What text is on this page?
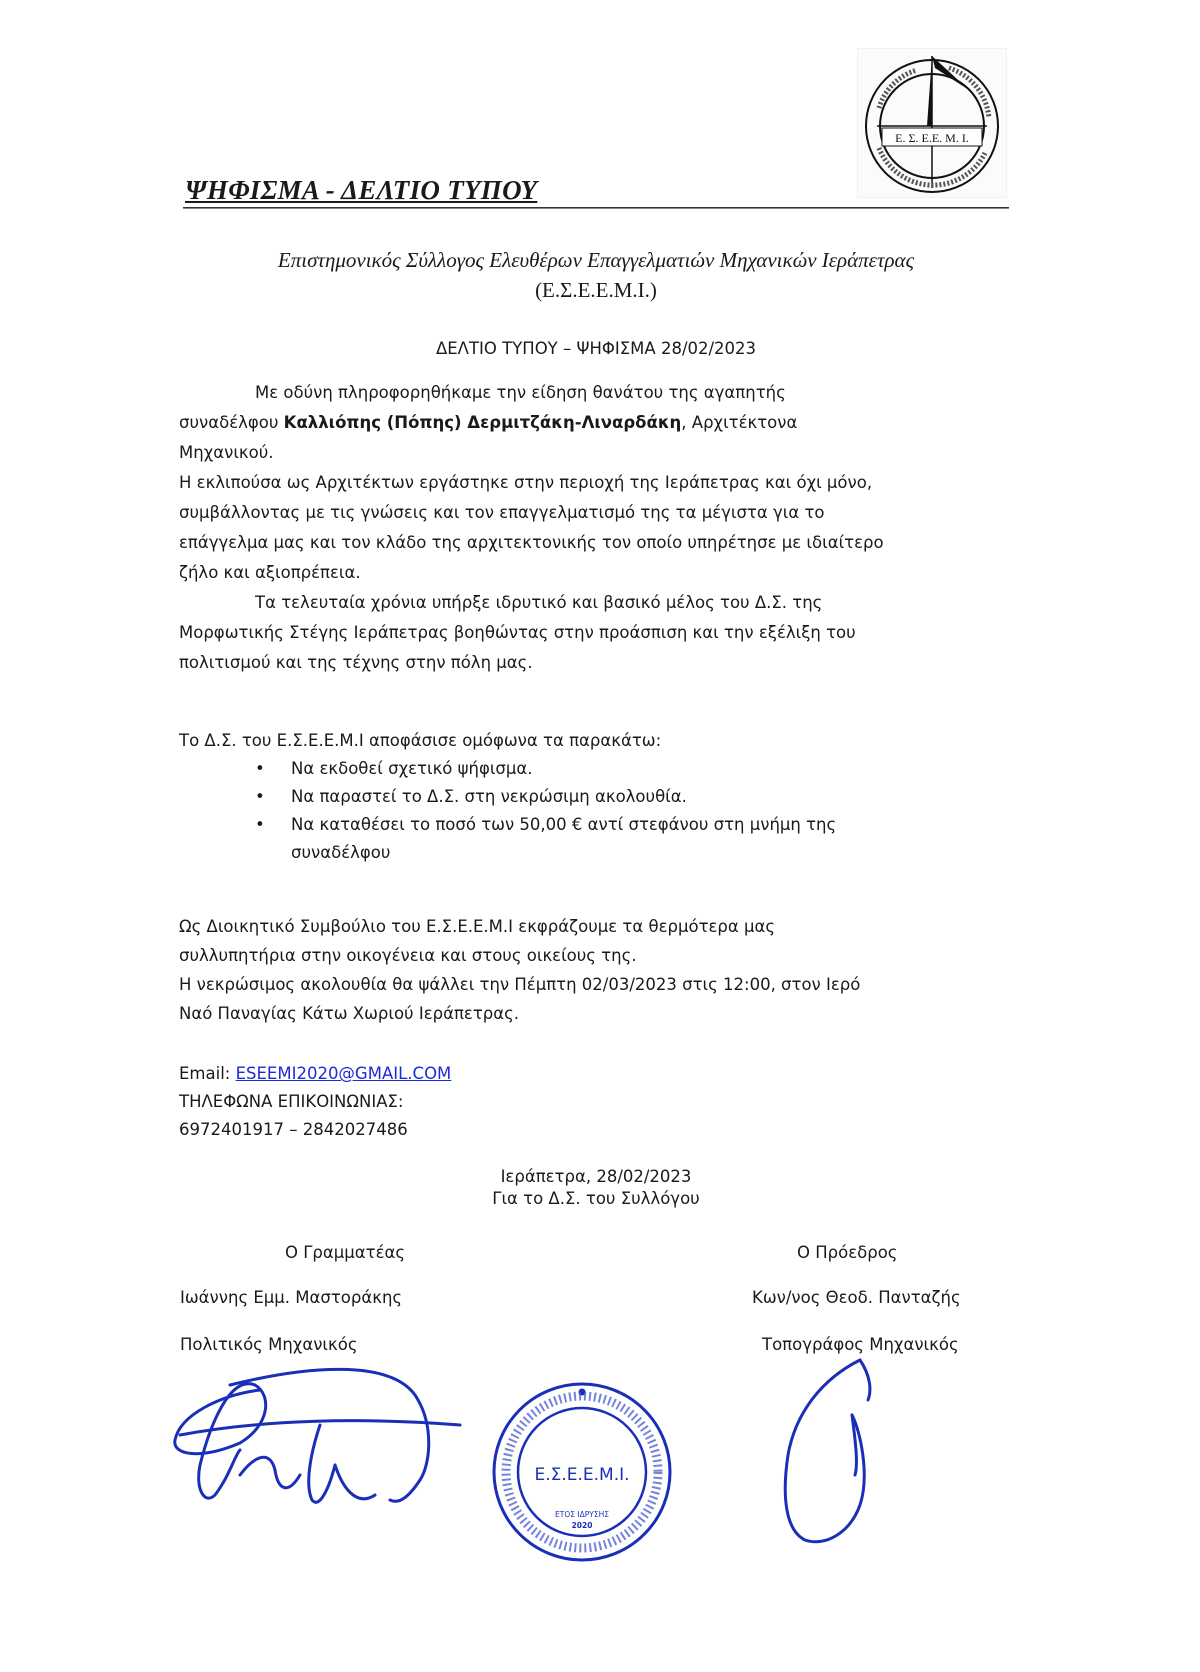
Ε. Σ. Ε.Ε. Μ. Ι.
ΨΗΦΙΣΜΑ - ΔΕΛΤΙΟ ΤΥΠΟΥ
Επιστημονικός Σύλλογος Ελευθέρων Επαγγελματιών Μηχανικών Ιεράπετρας
(Ε.Σ.Ε.Ε.Μ.Ι.)
ΔΕΛΤΙΟ ΤΥΠΟΥ – ΨΗΦΙΣΜΑ 28/02/2023
Με οδύνη πληροφορηθήκαμε την είδηση θανάτου της αγαπητής
συναδέλφου Καλλιόπης (Πόπης) Δερμιτζάκη-Λιναρδάκη, Αρχιτέκτονα
Μηχανικού.
Η εκλιπούσα ως Αρχιτέκτων εργάστηκε στην περιοχή της Ιεράπετρας και όχι μόνο,
συμβάλλοντας με τις γνώσεις και τον επαγγελματισμό της τα μέγιστα για το
επάγγελμα μας και τον κλάδο της αρχιτεκτονικής τον οποίο υπηρέτησε με ιδιαίτερο
ζήλο και αξιοπρέπεια.
Τα τελευταία χρόνια υπήρξε ιδρυτικό και βασικό μέλος του Δ.Σ. της
Μορφωτικής Στέγης Ιεράπετρας βοηθώντας στην προάσπιση και την εξέλιξη του
πολιτισμού και της τέχνης στην πόλη μας.
Το Δ.Σ. του Ε.Σ.Ε.Ε.Μ.Ι αποφάσισε ομόφωνα τα παρακάτω:
• Να εκδοθεί σχετικό ψήφισμα.
• Να παραστεί το Δ.Σ. στη νεκρώσιμη ακολουθία.
• Να καταθέσει το ποσό των 50,00 € αντί στεφάνου στη μνήμη της
συναδέλφου
Ως Διοικητικό Συμβούλιο του Ε.Σ.Ε.Ε.Μ.Ι εκφράζουμε τα θερμότερα μας
συλλυπητήρια στην οικογένεια και στους οικείους της.
Η νεκρώσιμος ακολουθία θα ψάλλει την Πέμπτη 02/03/2023 στις 12:00, στον Ιερό
Ναό Παναγίας Κάτω Χωριού Ιεράπετρας.
Email: ESEEMI2020@GMAIL.COM
ΤΗΛΕΦΩΝΑ ΕΠΙΚΟΙΝΩΝΙΑΣ:
6972401917 – 2842027486
Ιεράπετρα, 28/02/2023
Για το Δ.Σ. του Συλλόγου
Ο Γραμματέας
Ιωάννης Εμμ. Μαστοράκης
Πολιτικός Μηχανικός
Ο Πρόεδρος
Κων/νος Θεοδ. Πανταζής
Τοπογράφος Μηχανικός
Ε.Σ.Ε.Ε.Μ.Ι.
ΕΤΟΣ ΙΔΡΥΣΗΣ
2020
